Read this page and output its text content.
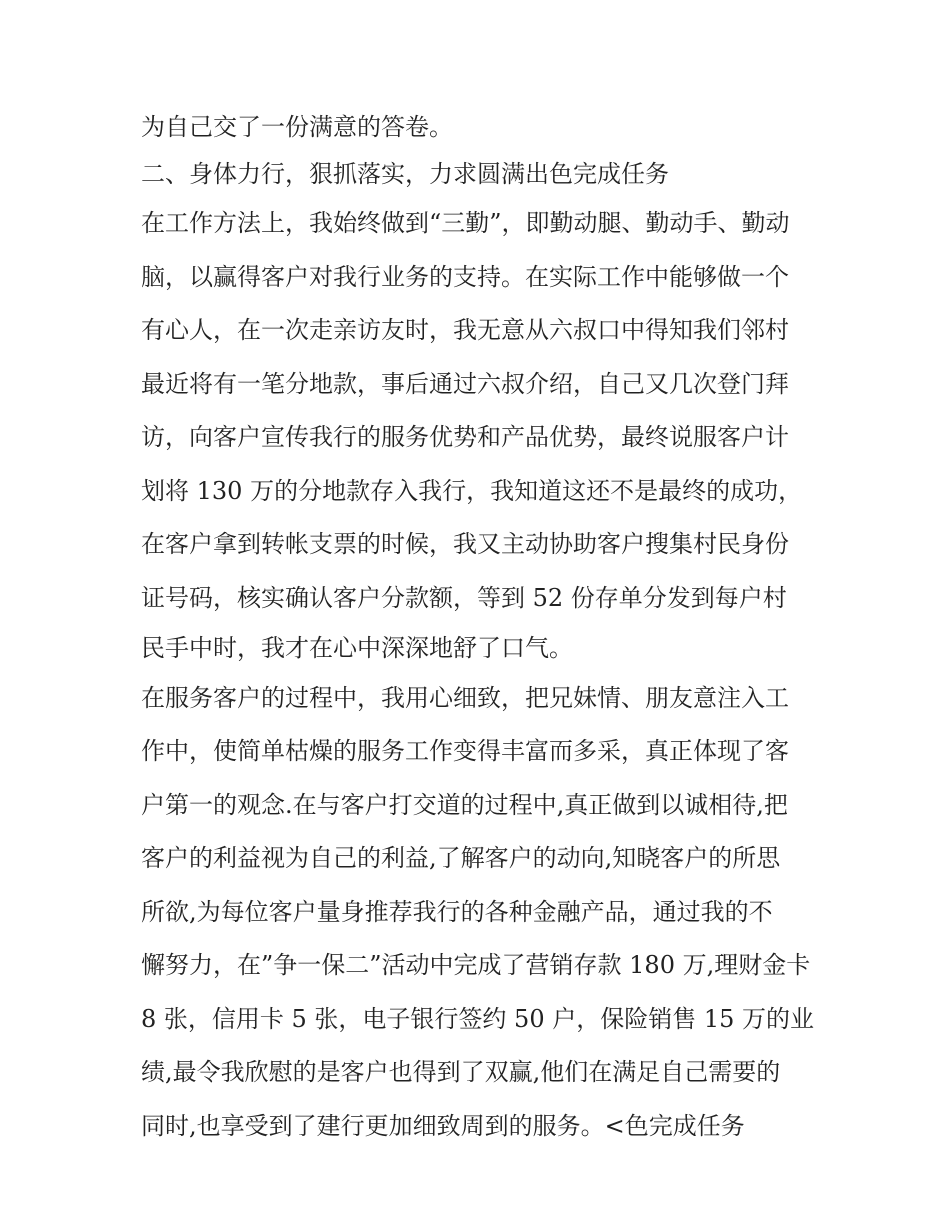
为自己交了一份满意的答卷。
二、身体力行，狠抓落实，力求圆满出色完成任务
在工作方法上，我始终做到“三勤”，即勤动腿、勤动手、勤动
脑，以赢得客户对我行业务的支持。在实际工作中能够做一个
有心人，在一次走亲访友时，我无意从六叔口中得知我们邻村
最近将有一笔分地款，事后通过六叔介绍，自己又几次登门拜
访，向客户宣传我行的服务优势和产品优势，最终说服客户计
划将 130 万的分地款存入我行，我知道这还不是最终的成功，
在客户拿到转帐支票的时候，我又主动协助客户搜集村民身份
证号码，核实确认客户分款额，等到 52 份存单分发到每户村
民手中时，我才在心中深深地舒了口气。
在服务客户的过程中，我用心细致，把兄妹情、朋友意注入工
作中，使简单枯燥的服务工作变得丰富而多采，真正体现了客
户第一的观念.在与客户打交道的过程中,真正做到以诚相待,把
客户的利益视为自己的利益,了解客户的动向,知晓客户的所思
所欲,为每位客户量身推荐我行的各种金融产品，通过我的不
懈努力，在”争一保二”活动中完成了营销存款 180 万,理财金卡
8 张，信用卡 5 张，电子银行签约 50 户，保险销售 15 万的业
绩,最令我欣慰的是客户也得到了双赢,他们在满足自己需要的
同时,也享受到了建行更加细致周到的服务。<色完成任务
